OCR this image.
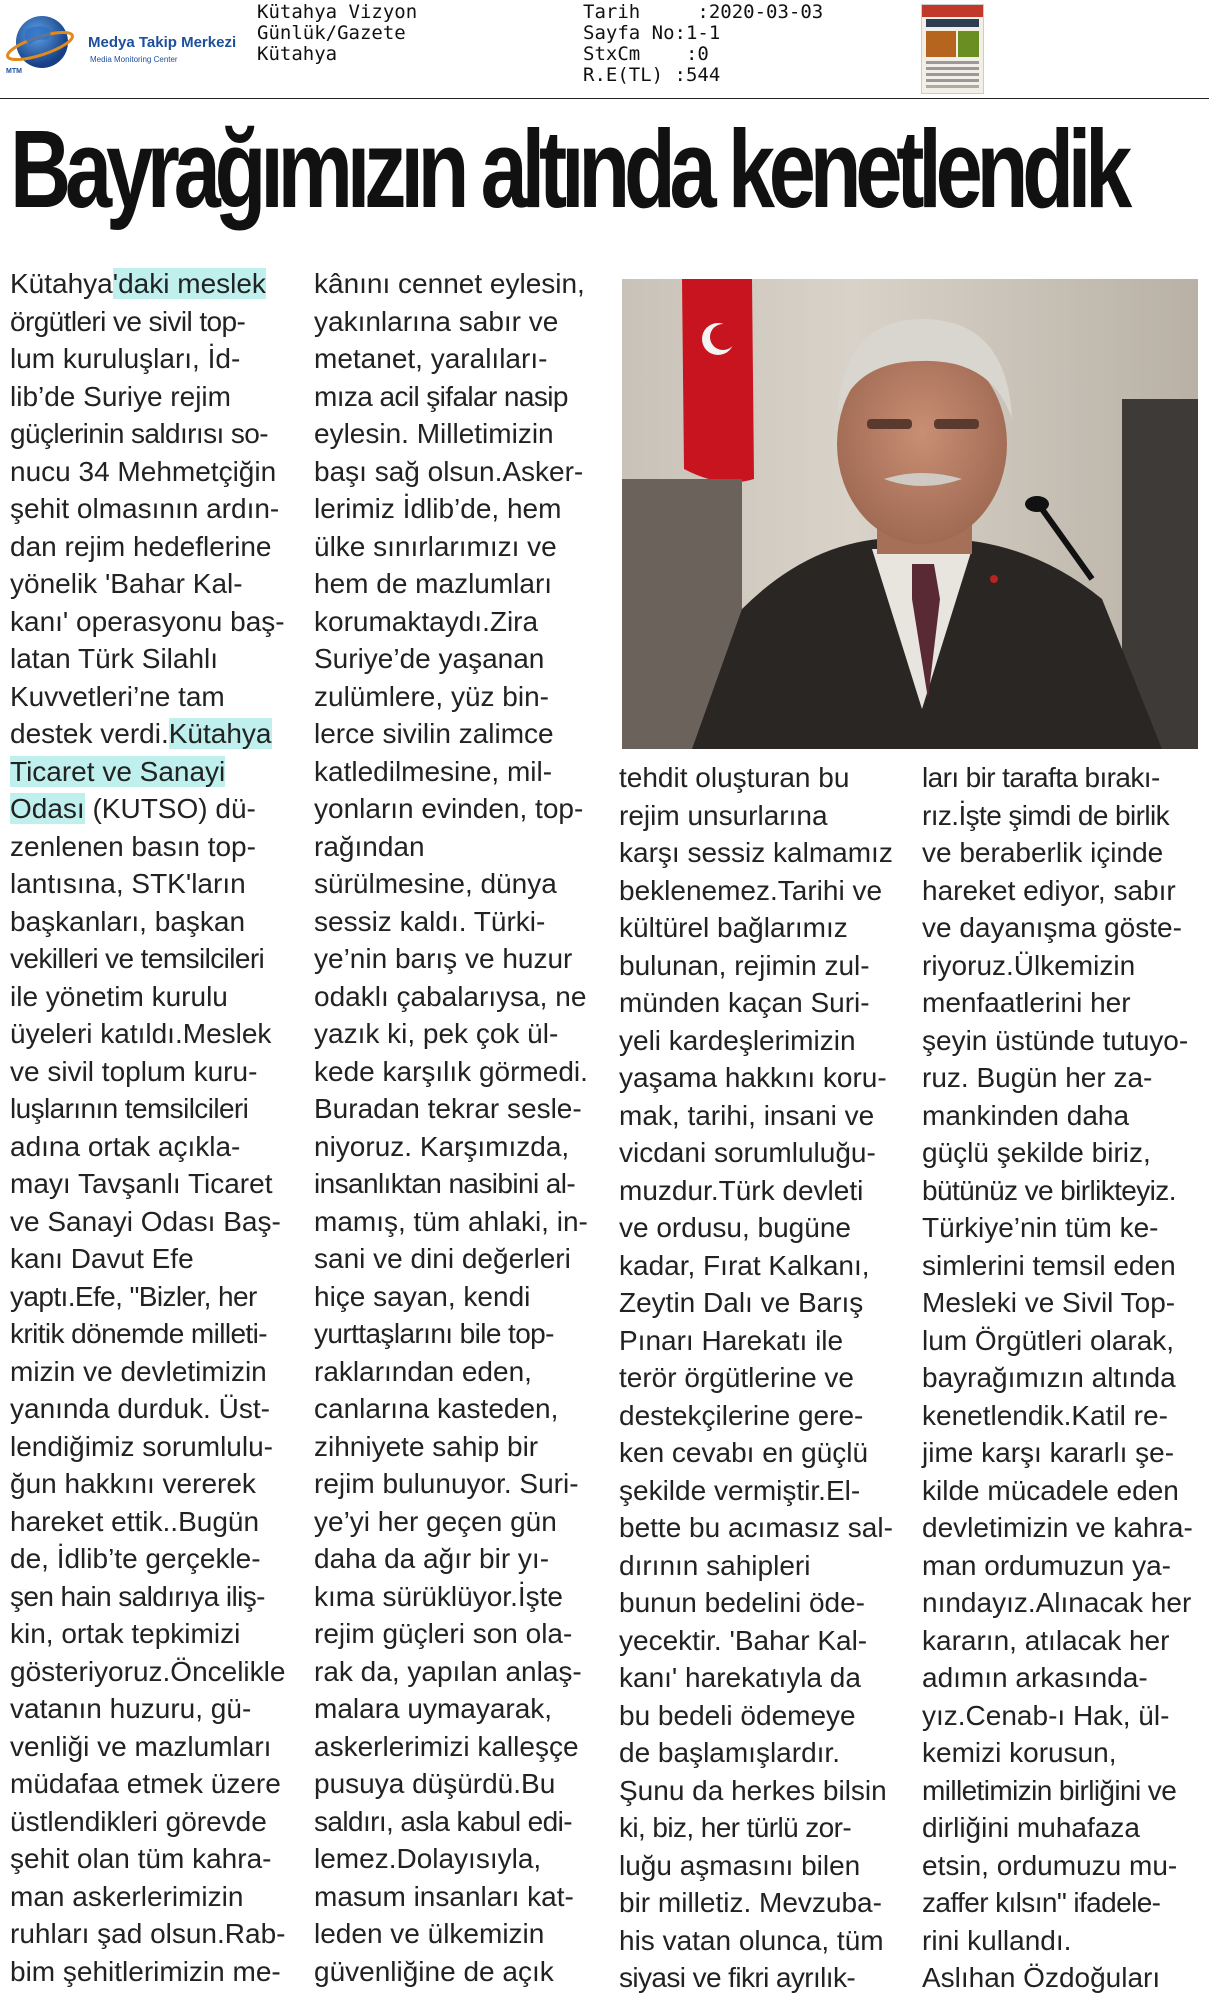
Medya Takip Merkezi
Media Monitoring Center
MTM
Kütahya Vizyon
Günlük/Gazete
Kütahya
Tarih     :2020-03-03
Sayfa No:1-1
StxCm    :0
R.E(TL) :544
Bayrağımızın altında kenetlendik
Kütahya'daki meslek
örgütleri ve sivil top-
lum kuruluşları, İd-
lib’de Suriye rejim
güçlerinin saldırısı so-
nucu 34 Mehmetçiğin
şehit olmasının ardın-
dan rejim hedeflerine
yönelik 'Bahar Kal-
kanı' operasyonu baş-
latan Türk Silahlı
Kuvvetleri’ne tam
destek verdi.Kütahya
Ticaret ve Sanayi
Odası (KUTSO) dü-
zenlenen basın top-
lantısına, STK'ların
başkanları, başkan
vekilleri ve temsilcileri
ile yönetim kurulu
üyeleri katıldı.Meslek
ve sivil toplum kuru-
luşlarının temsilcileri
adına ortak açıkla-
mayı Tavşanlı Ticaret
ve Sanayi Odası Baş-
kanı Davut Efe
yaptı.Efe, "Bizler, her
kritik dönemde milleti-
mizin ve devletimizin
yanında durduk. Üst-
lendiğimiz sorumlulu-
ğun hakkını vererek
hareket ettik..Bugün
de, İdlib’te gerçekle-
şen hain saldırıya iliş-
kin, ortak tepkimizi
gösteriyoruz.Öncelikle
vatanın huzuru, gü-
venliği ve mazlumları
müdafaa etmek üzere
üstlendikleri görevde
şehit olan tüm kahra-
man askerlerimizin
ruhları şad olsun.Rab-
bim şehitlerimizin me-
kânını cennet eylesin,
yakınlarına sabır ve
metanet, yaralıları-
mıza acil şifalar nasip
eylesin. Milletimizin
başı sağ olsun.Asker-
lerimiz İdlib’de, hem
ülke sınırlarımızı ve
hem de mazlumları
korumaktaydı.Zira
Suriye’de yaşanan
zulümlere, yüz bin-
lerce sivilin zalimce
katledilmesine, mil-
yonların evinden, top-
rağından
sürülmesine, dünya
sessiz kaldı. Türki-
ye’nin barış ve huzur
odaklı çabalarıysa, ne
yazık ki, pek çok ül-
kede karşılık görmedi.
Buradan tekrar sesle-
niyoruz. Karşımızda,
insanlıktan nasibini al-
mamış, tüm ahlaki, in-
sani ve dini değerleri
hiçe sayan, kendi
yurttaşlarını bile top-
raklarından eden,
canlarına kasteden,
zihniyete sahip bir
rejim bulunuyor. Suri-
ye’yi her geçen gün
daha da ağır bir yı-
kıma sürüklüyor.İşte
rejim güçleri son ola-
rak da, yapılan anlaş-
malara uymayarak,
askerlerimizi kalleşçe
pusuya düşürdü.Bu
saldırı, asla kabul edi-
lemez.Dolayısıyla,
masum insanları kat-
leden ve ülkemizin
güvenliğine de açık
tehdit oluşturan bu
rejim unsurlarına
karşı sessiz kalmamız
beklenemez.Tarihi ve
kültürel bağlarımız
bulunan, rejimin zul-
münden kaçan Suri-
yeli kardeşlerimizin
yaşama hakkını koru-
mak, tarihi, insani ve
vicdani sorumluluğu-
muzdur.Türk devleti
ve ordusu, bugüne
kadar, Fırat Kalkanı,
Zeytin Dalı ve Barış
Pınarı Harekatı ile
terör örgütlerine ve
destekçilerine gere-
ken cevabı en güçlü
şekilde vermiştir.El-
bette bu acımasız sal-
dırının sahipleri
bunun bedelini öde-
yecektir. 'Bahar Kal-
kanı' harekatıyla da
bu bedeli ödemeye
de başlamışlardır.
Şunu da herkes bilsin
ki, biz, her türlü zor-
luğu aşmasını bilen
bir milletiz. Mevzuba-
his vatan olunca, tüm
siyasi ve fikri ayrılık-
ları bir tarafta bırakı-
rız.İşte şimdi de birlik
ve beraberlik içinde
hareket ediyor, sabır
ve dayanışma göste-
riyoruz.Ülkemizin
menfaatlerini her
şeyin üstünde tutuyo-
ruz. Bugün her za-
mankinden daha
güçlü şekilde biriz,
bütünüz ve birlikteyiz.
Türkiye’nin tüm ke-
simlerini temsil eden
Mesleki ve Sivil Top-
lum Örgütleri olarak,
bayrağımızın altında
kenetlendik.Katil re-
jime karşı kararlı şe-
kilde mücadele eden
devletimizin ve kahra-
man ordumuzun ya-
nındayız.Alınacak her
kararın, atılacak her
adımın arkasında-
yız.Cenab-ı Hak, ül-
kemizi korusun,
milletimizin birliğini ve
dirliğini muhafaza
etsin, ordumuzu mu-
zaffer kılsın" ifadele-
rini kullandı.
Aslıhan Özdoğuları
